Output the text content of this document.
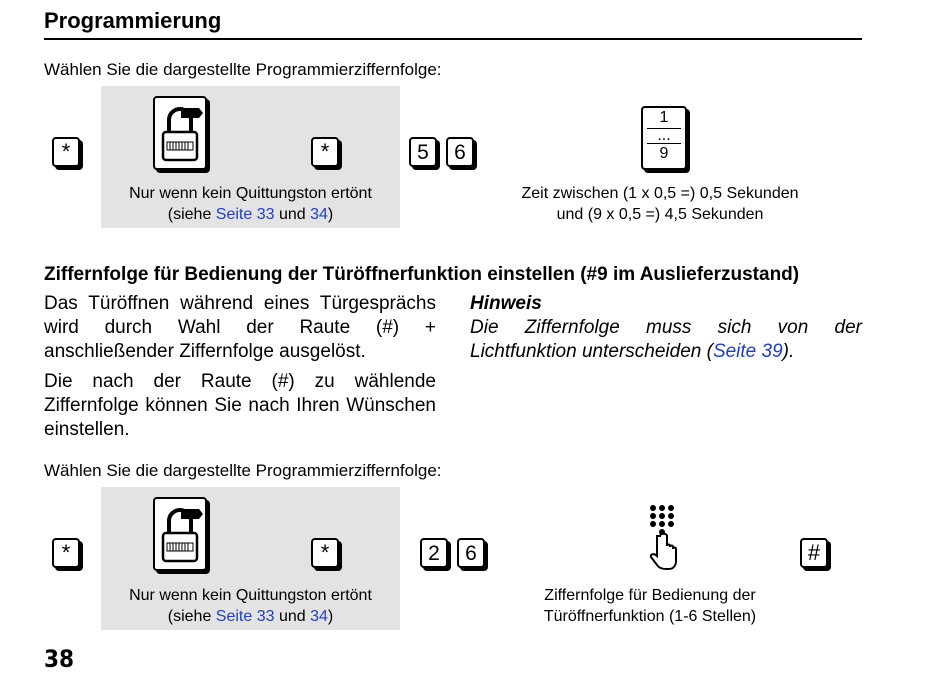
Programmierung
Wählen Sie die dargestellte Programmierziffernfolge:
*	*
Nur wenn kein Quittungston ertönt
(siehe Seite 33 und 34)
5	6
1
...
9
Zeit zwischen (1 x 0,5 =) 0,5 Sekunden
und (9 x 0,5 =) 4,5 Sekunden
Ziffernfolge für Bedienung der Türöffnerfunktion einstellen (#9 im Auslieferzustand)
Das Türöffnen während eines Türgesprächs wird durch Wahl der Raute (#) + anschließender Ziffernfolge ausgelöst.
Die nach der Raute (#) zu wählende Ziffernfolge können Sie nach Ihren Wünschen einstellen.
Hinweis
Die Ziffernfolge muss sich von der Lichtfunktion unterscheiden (Seite 39).
Wählen Sie die dargestellte Programmierziffernfolge:
*	*
Nur wenn kein Quittungston ertönt
(siehe Seite 33 und 34)
2	6	#
Ziffernfolge für Bedienung der
Türöffnerfunktion (1-6 Stellen)
38
